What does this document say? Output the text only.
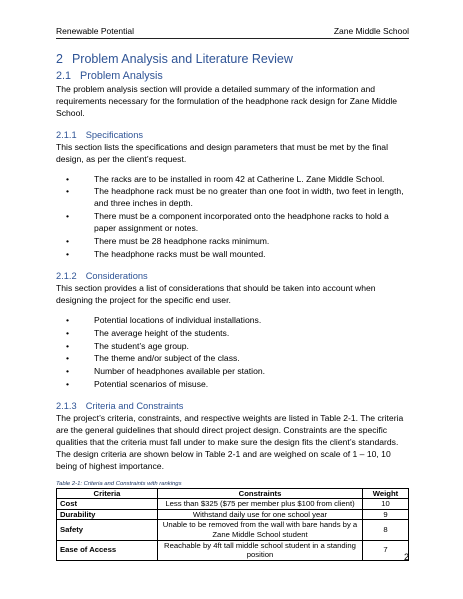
Renewable Potential	Zane Middle School
2 Problem Analysis and Literature Review
2.1 Problem Analysis

The problem analysis section will provide a detailed summary of the information and requirements necessary for the formulation of the headphone rack design for Zane Middle School.

2.1.1 Specifications

This section lists the specifications and design parameters that must be met by the final design, as per the client’s request.

•	The racks are to be installed in room 42 at Catherine L. Zane Middle School.
•	The headphone rack must be no greater than one foot in width, two feet in length, and three inches in depth.
•	There must be a component incorporated onto the headphone racks to hold a paper assignment or notes.
•	There must be 28 headphone racks minimum.
•	The headphone racks must be wall mounted.
2.1.2 Considerations

This section provides a list of considerations that should be taken into account when designing the project for the specific end user.

•	Potential locations of individual installations.
•	The average height of the students.
•	The student’s age group.
•	The theme and/or subject of the class.
•	Number of headphones available per station.
•	Potential scenarios of misuse.
2.1.3 Criteria and Constraints

The project’s criteria, constraints, and respective weights are listed in Table 2-1. The criteria are the general guidelines that should direct project design. Constraints are the specific qualities that the criteria must fall under to make sure the design fits the client’s standards. The design criteria are shown below in Table 2-1 and are weighed on scale of 1 – 10, 10 being of highest importance.

Table 2-1: Criteria and Constraints with rankings
Criteria	Constraints	Weight
Cost	Less than $325 ($75 per member plus $100 from client)	10
Durability	Withstand daily use for one school year	9
Safety	Unable to be removed from the wall with bare hands by a Zane Middle School student	8
Ease of Access	Reachable by 4ft tall middle school student in a standing position	7
2
